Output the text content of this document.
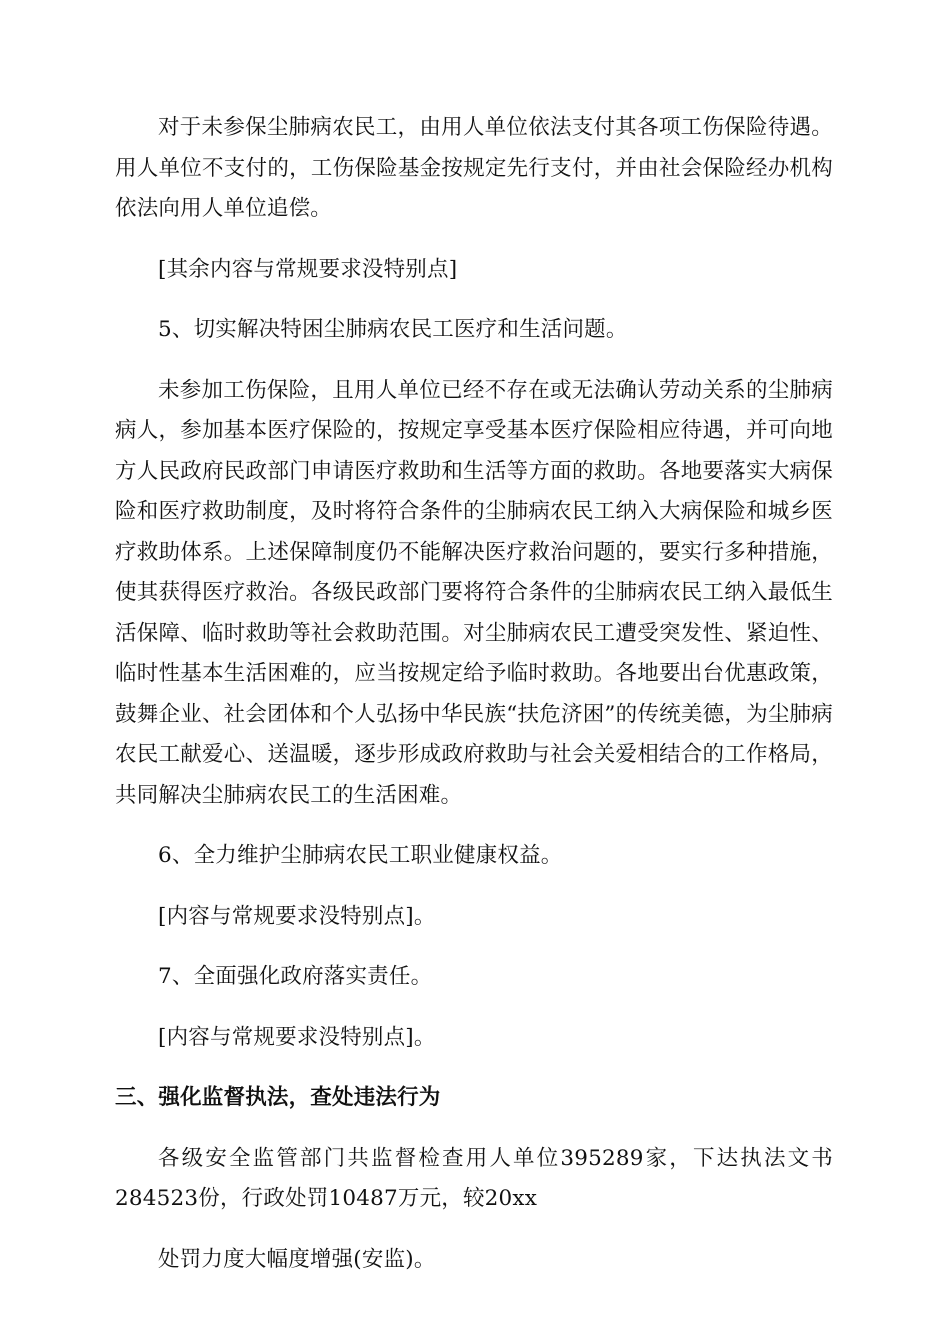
对于未参保尘肺病农民工，由用人单位依法支付其各项工伤保险待遇。用人单位不支付的，工伤保险基金按规定先行支付，并由社会保险经办机构依法向用人单位追偿。

[其余内容与常规要求没特别点]

5、切实解决特困尘肺病农民工医疗和生活问题。

未参加工伤保险，且用人单位已经不存在或无法确认劳动关系的尘肺病病人，参加基本医疗保险的，按规定享受基本医疗保险相应待遇，并可向地方人民政府民政部门申请医疗救助和生活等方面的救助。各地要落实大病保险和医疗救助制度，及时将符合条件的尘肺病农民工纳入大病保险和城乡医疗救助体系。上述保障制度仍不能解决医疗救治问题的，要实行多种措施，使其获得医疗救治。各级民政部门要将符合条件的尘肺病农民工纳入最低生活保障、临时救助等社会救助范围。对尘肺病农民工遭受突发性、紧迫性、临时性基本生活困难的，应当按规定给予临时救助。各地要出台优惠政策，鼓舞企业、社会团体和个人弘扬中华民族“扶危济困”的传统美德，为尘肺病农民工献爱心、送温暖，逐步形成政府救助与社会关爱相结合的工作格局，共同解决尘肺病农民工的生活困难。

6、全力维护尘肺病农民工职业健康权益。

[内容与常规要求没特别点]。

7、全面强化政府落实责任。

[内容与常规要求没特别点]。

三、强化监督执法，查处违法行为

各级安全监管部门共监督检查用人单位395289家，下达执法文书284523份，行政处罚10487万元，较20xx

处罚力度大幅度增强(安监)。
